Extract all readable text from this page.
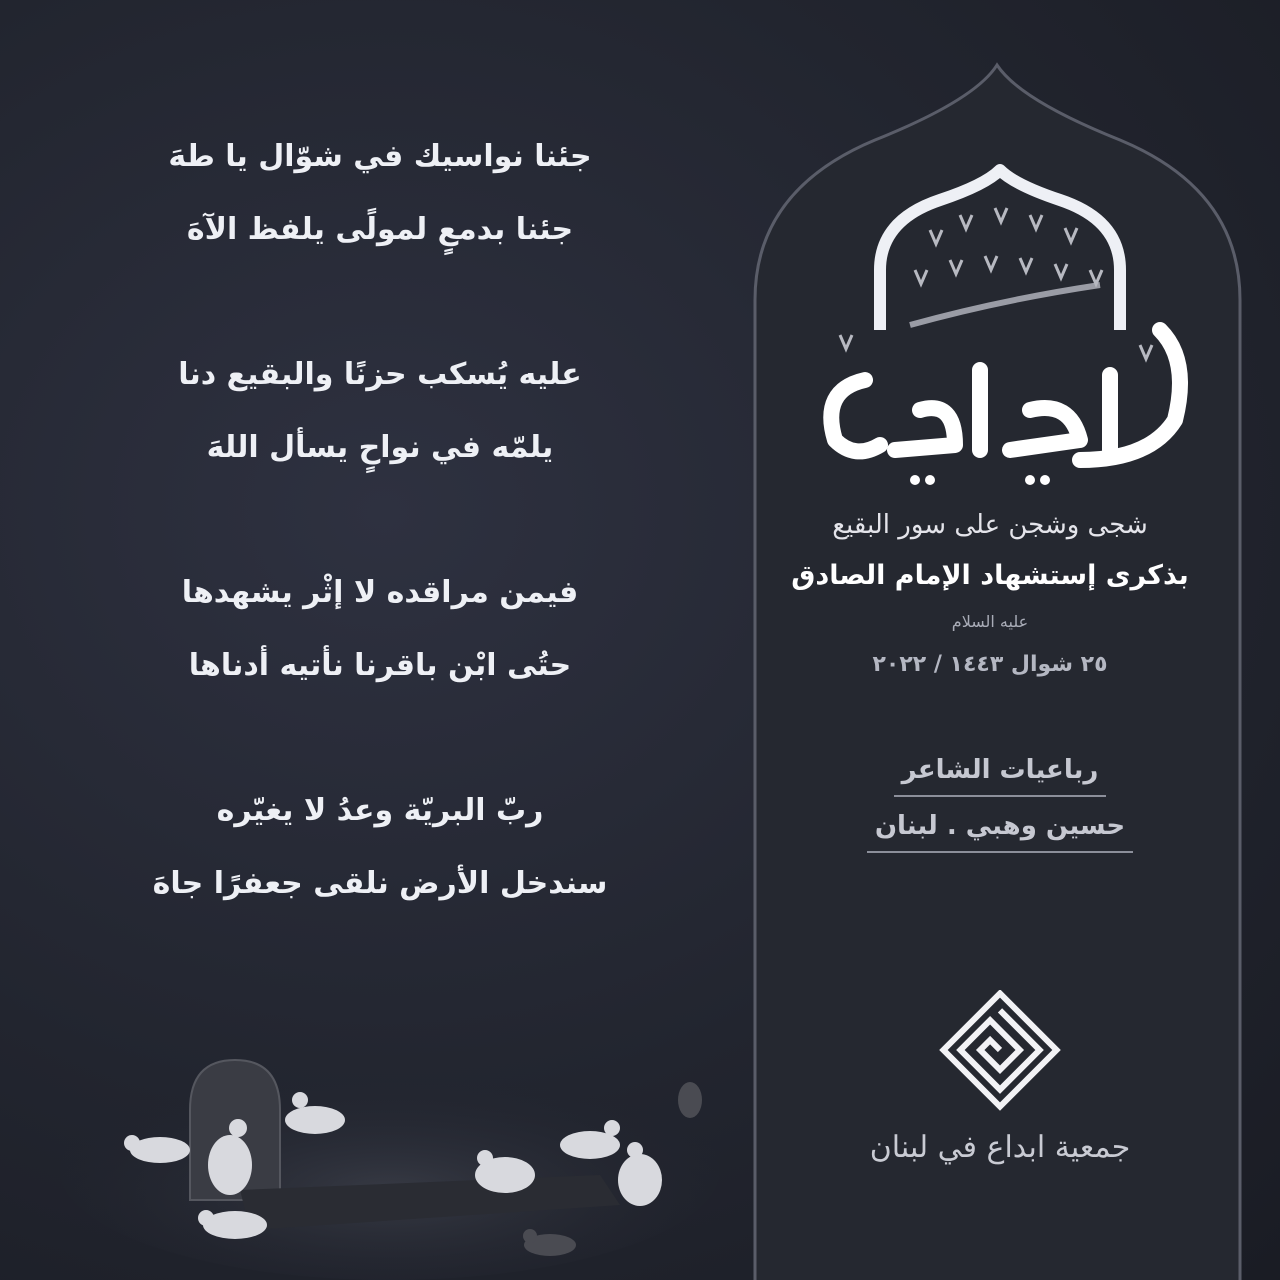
جئنا نواسيك في شوّال يا طهَ
جئنا بدمعٍ لمولًى يلفظ الآهَ
عليه يُسكب حزنًا والبقيع دنا
يلمّه في نواحٍ يسأل اللهَ
فيمن مراقده لا إثْر يشهدها
حتُى ابْن باقرنا نأتيه أدناها
ربّ البريّة وعدُ لا يغيّره
سندخل الأرض نلقى جعفرًا جاهَ
شجى وشجن على سور البقيع
بذكرى إستشهاد الإمام الصادق
عليه السلام
٢٥ شوال ١٤٤٣ / ٢٠٢٢
رباعيات الشاعر
حسين وهبي . لبنان
جمعية ابداع في لبنان
